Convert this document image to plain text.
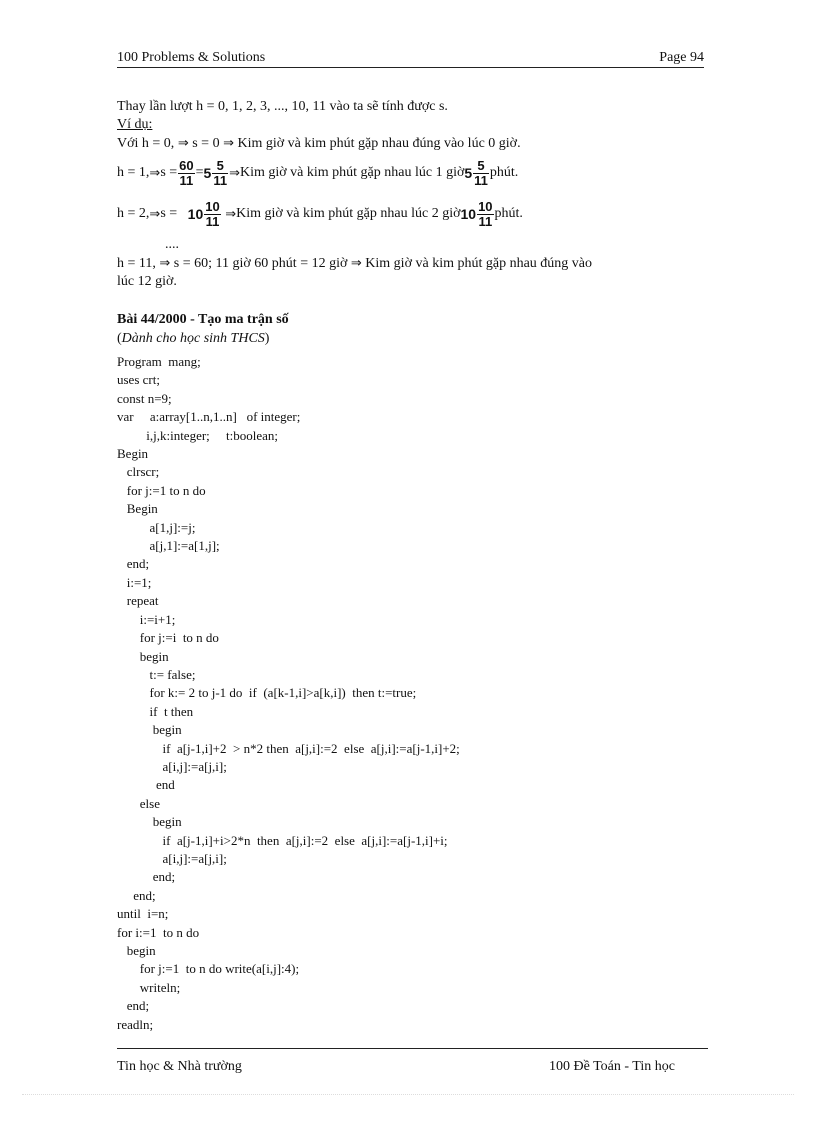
100 Problems & Solutions	Page 94
Thay lần lượt h = 0, 1, 2, 3, ..., 10, 11 vào ta sẽ tính được s.
Ví dụ:
Với h = 0, ⇒ s = 0 ⇒ Kim giờ và kim phút gặp nhau đúng vào lúc 0 giờ.
h = 1, ⇒ $s = \frac{60}{11} = 5 \frac{5}{11}$ ⇒ Kim giờ và kim phút gặp nhau lúc 1 giờ $5 \frac{5}{11}$ phút.
h = 2, ⇒ s =
$10 \frac{10}{11}$
⇒ Kim giờ và kim phút gặp nhau lúc 2 giờ $10 \frac{10}{11}$ phút.
....
h = 11, ⇒ s = 60; 11 giờ 60 phút = 12 giờ ⇒ Kim giờ và kim phút gặp nhau đúng vào
lúc 12 giờ.
Bài 44/2000 - Tạo ma trận số
(Dành cho học sinh THCS)
Program  mang;
uses crt;
const n=9;
var     a:array[1..n,1..n]   of integer;
i,j,k:integer;     t:boolean;
Begin
clrscr;
for j:=1 to n do
Begin
a[1,j]:=j;
a[j,1]:=a[1,j];
end;
i:=1;
repeat
i:=i+1;
for j:=i  to n do
begin
t:= false;
for k:= 2 to j-1 do  if  (a[k-1,i]>a[k,i])  then t:=true;
if  t then
begin
if  a[j-1,i]+2  > n*2 then  a[j,i]:=2  else  a[j,i]:=a[j-1,i]+2;
a[i,j]:=a[j,i];
end
else
begin
if  a[j-1,i]+i>2*n  then  a[j,i]:=2  else  a[j,i]:=a[j-1,i]+i;
a[i,j]:=a[j,i];
end;
end;
until  i=n;
for i:=1  to n do
begin
for j:=1  to n do write(a[i,j]:4);
writeln;
end;
readln;
Tin học & Nhà trường	100 Đề Toán - Tin học
